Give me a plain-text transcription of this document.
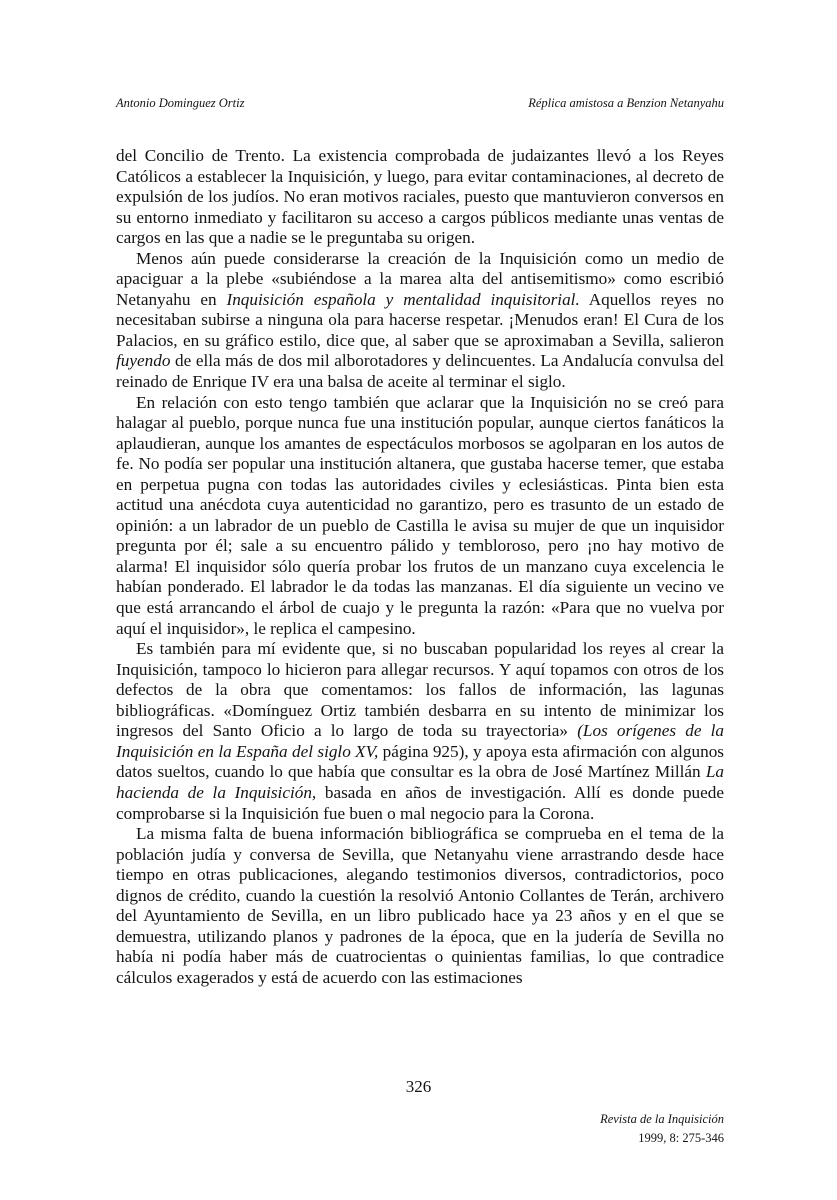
Antonio Dominguez Ortiz	Réplica amistosa a Benzion Netanyahu

del Concilio de Trento. La existencia comprobada de judaizantes llevó a los Reyes Católicos a establecer la Inquisición, y luego, para evitar contaminaciones, al decreto de expulsión de los judíos. No eran motivos raciales, puesto que mantuvieron conversos en su entorno inmediato y facilitaron su acceso a cargos públicos mediante unas ventas de cargos en las que a nadie se le preguntaba su origen.

Menos aún puede considerarse la creación de la Inquisición como un medio de apaciguar a la plebe «subiéndose a la marea alta del antisemitismo» como escribió Netanyahu en Inquisición española y mentalidad inquisitorial. Aquellos reyes no necesitaban subirse a ninguna ola para hacerse respetar. ¡Menudos eran! El Cura de los Palacios, en su gráfico estilo, dice que, al saber que se aproximaban a Sevilla, salieron fuyendo de ella más de dos mil alborotadores y delincuentes. La Andalucía convulsa del reinado de Enrique IV era una balsa de aceite al terminar el siglo.

En relación con esto tengo también que aclarar que la Inquisición no se creó para halagar al pueblo, porque nunca fue una institución popular, aunque ciertos fanáticos la aplaudieran, aunque los amantes de espectáculos morbosos se agolparan en los autos de fe. No podía ser popular una institución altanera, que gustaba hacerse temer, que estaba en perpetua pugna con todas las autoridades civiles y eclesiásticas. Pinta bien esta actitud una anécdota cuya autenticidad no garantizo, pero es trasunto de un estado de opinión: a un labrador de un pueblo de Castilla le avisa su mujer de que un inquisidor pregunta por él; sale a su encuentro pálido y tembloroso, pero ¡no hay motivo de alarma! El inquisidor sólo quería probar los frutos de un manzano cuya excelencia le habían ponderado. El labrador le da todas las manzanas. El día siguiente un vecino ve que está arrancando el árbol de cuajo y le pregunta la razón: «Para que no vuelva por aquí el inquisidor», le replica el campesino.

Es también para mí evidente que, si no buscaban popularidad los reyes al crear la Inquisición, tampoco lo hicieron para allegar recursos. Y aquí topamos con otros de los defectos de la obra que comentamos: los fallos de información, las lagunas bibliográficas. «Domínguez Ortiz también desbarra en su intento de minimizar los ingresos del Santo Oficio a lo largo de toda su trayectoria» (Los orígenes de la Inquisición en la España del siglo XV, página 925), y apoya esta afirmación con algunos datos sueltos, cuando lo que había que consultar es la obra de José Martínez Millán La hacienda de la Inquisición, basada en años de investigación. Allí es donde puede comprobarse si la Inquisición fue buen o mal negocio para la Corona.

La misma falta de buena información bibliográfica se comprueba en el tema de la población judía y conversa de Sevilla, que Netanyahu viene arrastrando desde hace tiempo en otras publicaciones, alegando testimonios diversos, contradictorios, poco dignos de crédito, cuando la cuestión la resolvió Antonio Collantes de Terán, archivero del Ayuntamiento de Sevilla, en un libro publicado hace ya 23 años y en el que se demuestra, utilizando planos y padrones de la época, que en la judería de Sevilla no había ni podía haber más de cuatrocientas o quinientas familias, lo que contradice cálculos exagerados y está de acuerdo con las estimaciones

326
Revista de la Inquisición
1999, 8: 275-346
